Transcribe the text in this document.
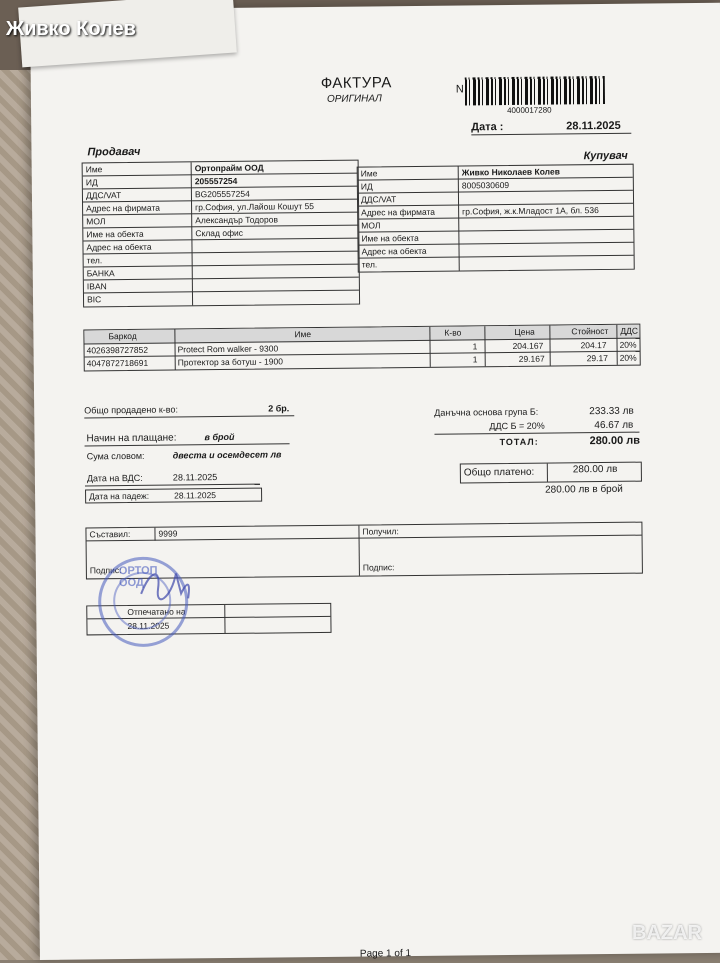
ФАКТУРА
ОРИГИНАЛ
N
4000017280
Дата :	28.11.2025
Продавач	Купувач
Име	Ортопрайм ООД
ИД	205557254
ДДС/VAT	BG205557254
Адрес на фирмата	гр.София, ул.Лайош Кошут 55
МОЛ	Александър Тодоров
Име на обекта	Склад офис
Адрес на обекта
тел.
БАНКА
IBAN
BIC
Име	Живко Николаев Колев
ИД	8005030609
ДДС/VAT
Адрес на фирмата	гр.София, ж.к.Младост 1А, бл. 536
МОЛ
Име на обекта
Адрес на обекта
тел.
Баркод	Име	К-во	Цена	Стойност ДДС
4026398727852	Protect Rom walker - 9300	1	204.167	204.17 20%
4047872718691	Протектор за ботуш - 1900	1	29.167	29.17 20%
Общо продадено к-во:	2 бр.
Начин на плащане:	в брой
Сума словом:	двеста и осемдесет лв
Дата на ВДС:	28.11.2025
Дата на падеж:	28.11.2025
Данъчна основа група Б:	233.33 лв
ДДС Б = 20%	46.67 лв
ТОТАЛ:	280.00 лв
Общо платено:	280.00 лв
280.00 лв в брой
Съставил:	9999	Получил:
Подпис:	Подпис:
Отпечатано на
28.11.2025
ОРТОП ООД
Page 1 of 1
Живко Колев
BAZAR
